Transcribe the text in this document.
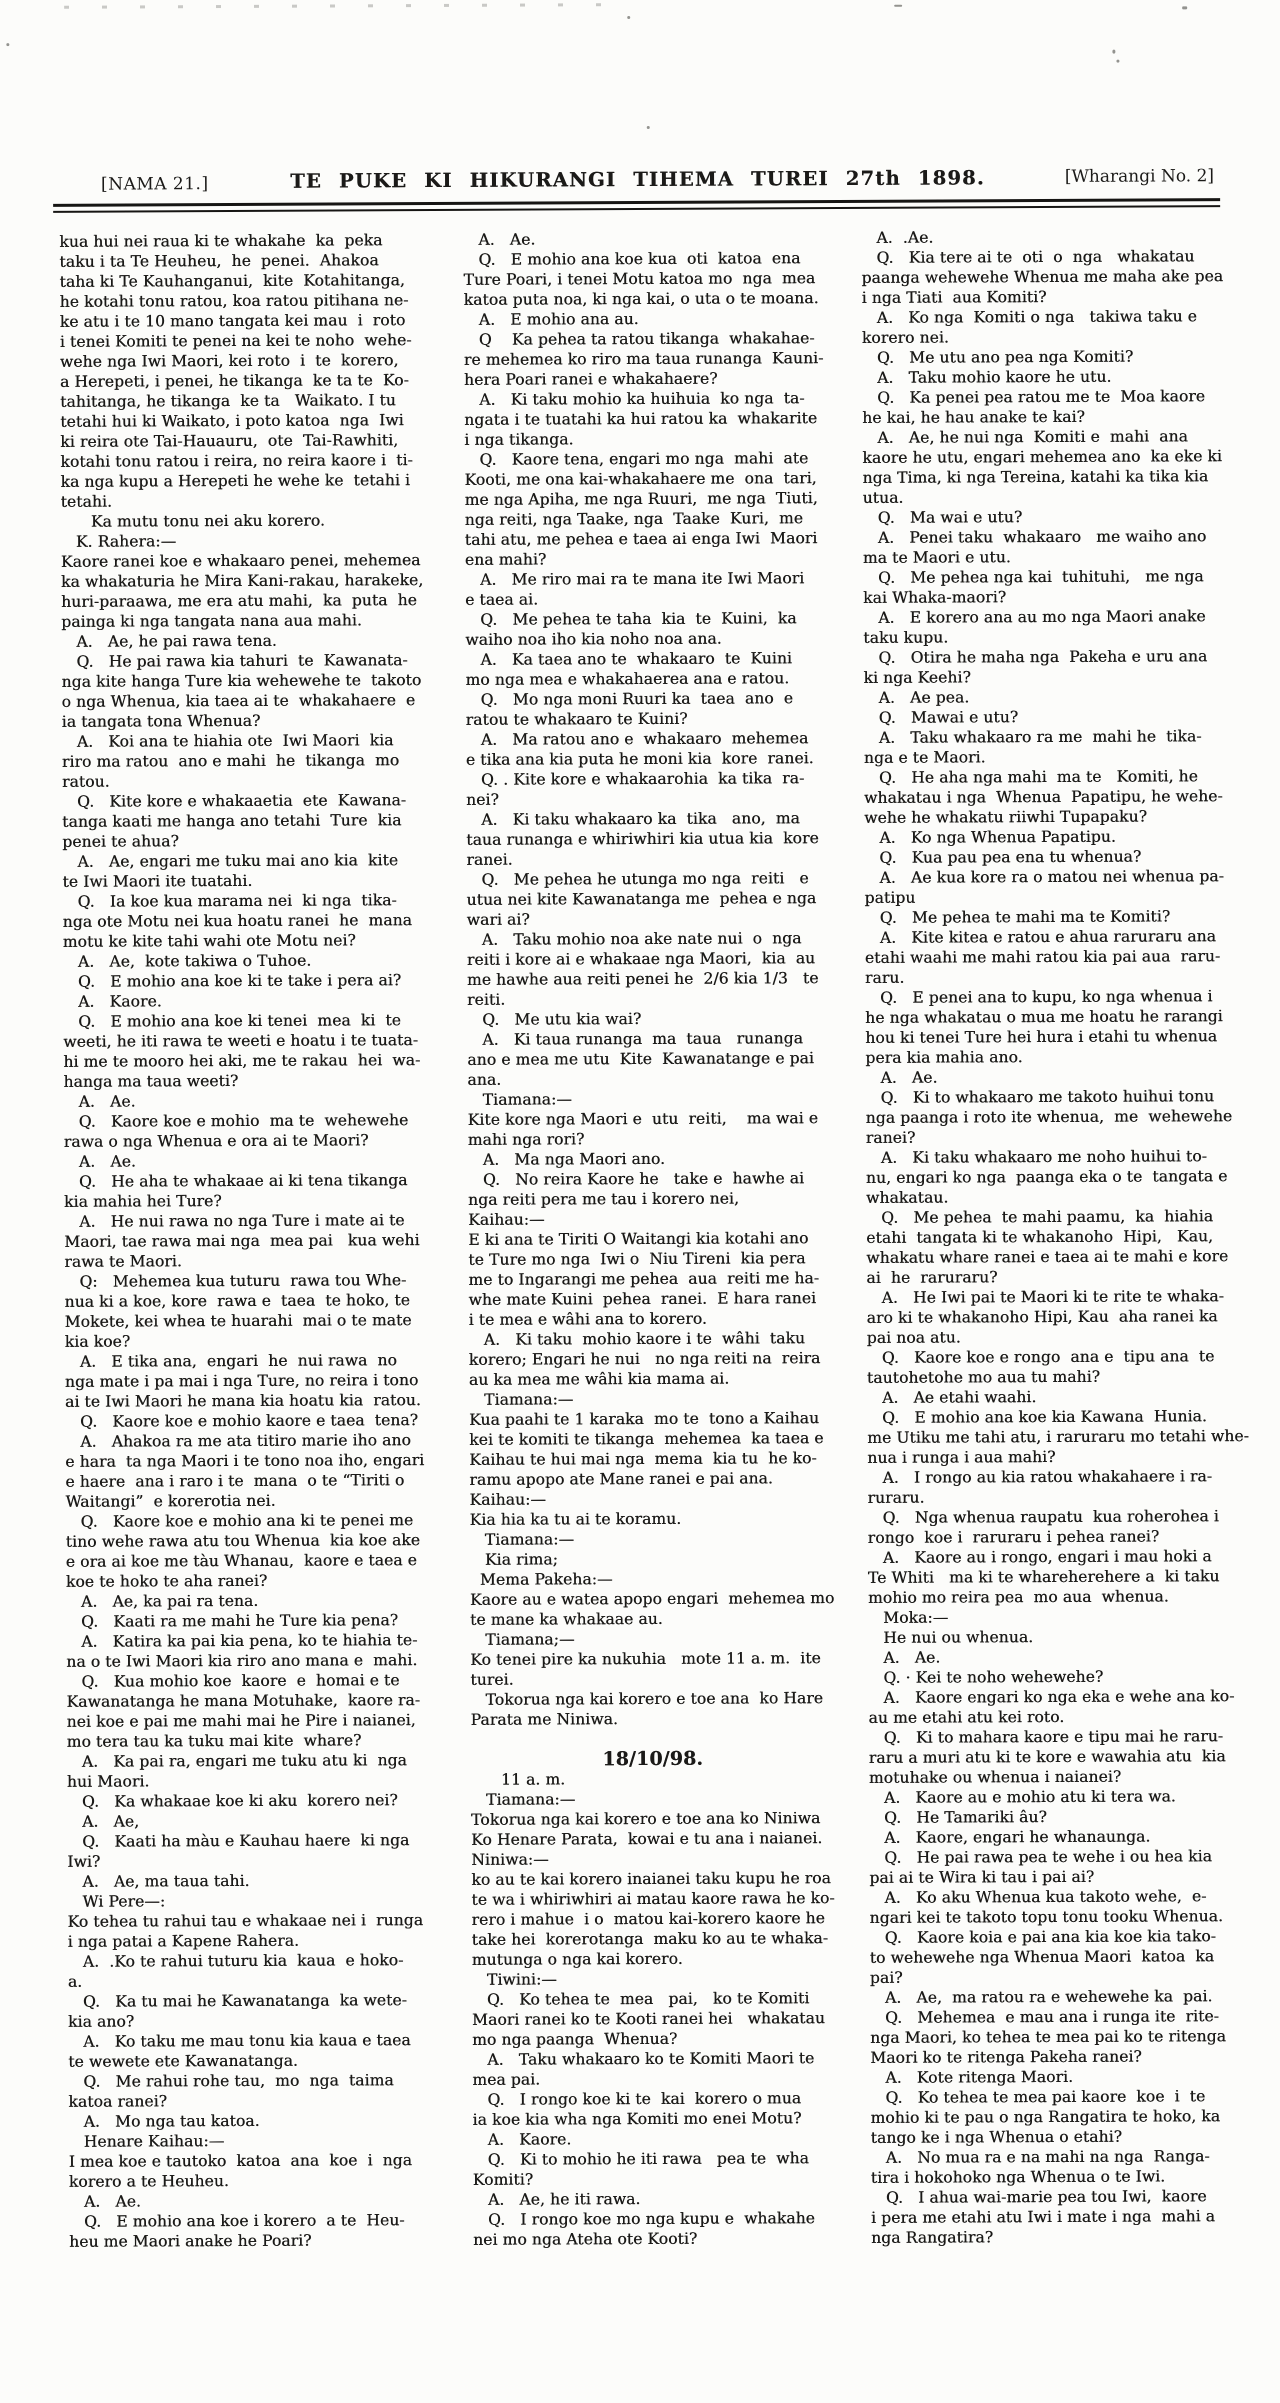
[NAMA 21.]	TE PUKE KI HIKURANGI TIHEMA TUREI 27th 1898.	[Wharangi No. 2]
kua hui nei raua ki te whakahe  ka  peka
taku i ta Te Heuheu,  he  penei.  Ahakoa
taha ki Te Kauhanganui,  kite  Kotahitanga,
he kotahi tonu ratou, koa ratou pitihana ne-
ke atu i te 10 mano tangata kei mau  i  roto
i tenei Komiti te penei na kei te noho  wehe-
wehe nga Iwi Maori, kei roto  i  te  korero,
a Herepeti, i penei, he tikanga  ke ta te  Ko-
tahitanga, he tikanga  ke ta   Waikato. I tu
tetahi hui ki Waikato, i poto katoa  nga  Iwi
ki reira ote Tai-Hauauru,  ote  Tai-Rawhiti,
kotahi tonu ratou i reira, no reira kaore i  ti-
ka nga kupu a Herepeti he wehe ke  tetahi i
tetahi.
Ka mutu tonu nei aku korero.
K. Rahera:—
Kaore ranei koe e whakaaro penei, mehemea
ka whakaturia he Mira Kani-rakau, harakeke,
huri-paraawa, me era atu mahi,  ka  puta  he
painga ki nga tangata nana aua mahi.
A.   Ae, he pai rawa tena.
Q.   He pai rawa kia tahuri  te  Kawanata-
nga kite hanga Ture kia wehewehe te  takoto
o nga Whenua, kia taea ai te  whakahaere  e
ia tangata tona Whenua?
A.   Koi ana te hiahia ote  Iwi Maori  kia
riro ma ratou  ano e mahi  he  tikanga  mo
ratou.
Q.   Kite kore e whakaaetia  ete  Kawana-
tanga kaati me hanga ano tetahi  Ture  kia
penei te ahua?
A.   Ae, engari me tuku mai ano kia  kite
te Iwi Maori ite tuatahi.
Q.   Ia koe kua marama nei  ki nga  tika-
nga ote Motu nei kua hoatu ranei  he  mana
motu ke kite tahi wahi ote Motu nei?
A.   Ae,  kote takiwa o Tuhoe.
Q.   E mohio ana koe ki te take i pera ai?
A.   Kaore.
Q.   E mohio ana koe ki tenei  mea  ki  te
weeti, he iti rawa te weeti e hoatu i te tuata-
hi me te mooro hei aki, me te rakau  hei  wa-
hanga ma taua weeti?
A.   Ae.
Q.   Kaore koe e mohio  ma te  wehewehe
rawa o nga Whenua e ora ai te Maori?
A.   Ae.
Q.   He aha te whakaae ai ki tena tikanga
kia mahia hei Ture?
A.   He nui rawa no nga Ture i mate ai te
Maori, tae rawa mai nga  mea pai   kua wehi
rawa te Maori.
Q:   Mehemea kua tuturu  rawa tou Whe-
nua ki a koe, kore  rawa e  taea  te hoko, te
Mokete, kei whea te huarahi  mai o te mate
kia koe?
A.   E tika ana,  engari  he  nui rawa  no
nga mate i pa mai i nga Ture, no reira i tono
ai te Iwi Maori he mana kia hoatu kia  ratou.
Q.   Kaore koe e mohio kaore e taea  tena?
A.   Ahakoa ra me ata titiro marie iho ano
e hara  ta nga Maori i te tono noa iho, engari
e haere  ana i raro i te  mana  o te “Tiriti o
Waitangi”  e korerotia nei.
Q.   Kaore koe e mohio ana ki te penei me
tino wehe rawa atu tou Whenua  kia koe ake
e ora ai koe me tàu Whanau,  kaore e taea e
koe te hoko te aha ranei?
A.   Ae, ka pai ra tena.
Q.   Kaati ra me mahi he Ture kia pena?
A.   Katira ka pai kia pena, ko te hiahia te-
na o te Iwi Maori kia riro ano mana e  mahi.
Q.   Kua mohio koe  kaore  e  homai e te
Kawanatanga he mana Motuhake,  kaore ra-
nei koe e pai me mahi mai he Pire i naianei,
mo tera tau ka tuku mai kite  whare?
A.   Ka pai ra, engari me tuku atu ki  nga
hui Maori.
Q.   Ka whakaae koe ki aku  korero nei?
A.   Ae,
Q.   Kaati ha màu e Kauhau haere  ki nga
Iwi?
A.   Ae, ma taua tahi.
Wi Pere—:
Ko tehea tu rahui tau e whakaae nei i  runga
i nga patai a Kapene Rahera.
A.  .Ko te rahui tuturu kia  kaua  e hoko-
a.
Q.   Ka tu mai he Kawanatanga  ka wete-
kia ano?
A.   Ko taku me mau tonu kia kaua e taea
te wewete ete Kawanatanga.
Q.   Me rahui rohe tau,  mo  nga  taima
katoa ranei?
A.   Mo nga tau katoa.
Henare Kaihau:—
I mea koe e tautoko  katoa  ana  koe  i  nga
korero a te Heuheu.
A.   Ae.
Q.   E mohio ana koe i korero  a te  Heu-
heu me Maori anake he Poari?
A.   Ae.
Q.   E mohio ana koe kua  oti  katoa  ena
Ture Poari, i tenei Motu katoa mo  nga  mea
katoa puta noa, ki nga kai, o uta o te moana.
A.   E mohio ana au.
Q    Ka pehea ta ratou tikanga  whakahae-
re mehemea ko riro ma taua runanga  Kauni-
hera Poari ranei e whakahaere?
A.   Ki taku mohio ka huihuia  ko nga  ta-
ngata i te tuatahi ka hui ratou ka  whakarite
i nga tikanga.
Q.   Kaore tena, engari mo nga  mahi  ate
Kooti, me ona kai-whakahaere me  ona  tari,
me nga Apiha, me nga Ruuri,  me nga  Tiuti,
nga reiti, nga Taake, nga  Taake  Kuri,  me
tahi atu, me pehea e taea ai enga Iwi  Maori
ena mahi?
A.   Me riro mai ra te mana ite Iwi Maori
e taea ai.
Q.   Me pehea te taha  kia  te  Kuini,  ka
waiho noa iho kia noho noa ana.
A.   Ka taea ano te  whakaaro  te  Kuini
mo nga mea e whakahaerea ana e ratou.
Q.   Mo nga moni Ruuri ka  taea  ano  e
ratou te whakaaro te Kuini?
A.   Ma ratou ano e  whakaaro  mehemea
e tika ana kia puta he moni kia  kore  ranei.
Q. . Kite kore e whakaarohia  ka tika  ra-
nei?
A.   Ki taku whakaaro ka  tika   ano,  ma
taua runanga e whiriwhiri kia utua kia  kore
ranei.
Q.   Me pehea he utunga mo nga  reiti   e
utua nei kite Kawanatanga me  pehea e nga
wari ai?
A.   Taku mohio noa ake nate nui  o  nga
reiti i kore ai e whakaae nga Maori,  kia  au
me hawhe aua reiti penei he  2/6 kia 1/3   te
reiti.
Q.   Me utu kia wai?
A.   Ki taua runanga  ma  taua   runanga
ano e mea me utu  Kite  Kawanatange e pai
ana.
Tiamana:—
Kite kore nga Maori e  utu  reiti,    ma wai e
mahi nga rori?
A.   Ma nga Maori ano.
Q.   No reira Kaore he   take e  hawhe ai
nga reiti pera me tau i korero nei,
Kaihau:—
E ki ana te Tiriti O Waitangi kia kotahi ano
te Ture mo nga  Iwi o  Niu Tireni  kia pera
me to Ingarangi me pehea  aua  reiti me ha-
whe mate Kuini  pehea  ranei.  E hara ranei
i te mea e wâhi ana to korero.
A.   Ki taku  mohio kaore i te  wâhi  taku
korero; Engari he nui   no nga reiti na  reira
au ka mea me wâhi kia mama ai.
Tiamana:—
Kua paahi te 1 karaka  mo te  tono a Kaihau
kei te komiti te tikanga  mehemea  ka taea e
Kaihau te hui mai nga  mema  kia tu  he ko-
ramu apopo ate Mane ranei e pai ana.
Kaihau:—
Kia hia ka tu ai te koramu.
Tiamana:—
Kia rima;
Mema Pakeha:—
Kaore au e watea apopo engari  mehemea mo
te mane ka whakaae au.
Tiamana;—
Ko tenei pire ka nukuhia   mote 11 a. m.  ite
turei.
Tokorua nga kai korero e toe ana  ko Hare
Parata me Niniwa.
18/10/98.
11 a. m.
Tiamana:—
Tokorua nga kai korero e toe ana ko Niniwa
Ko Henare Parata,  kowai e tu ana i naianei.
Niniwa:—
ko au te kai korero inaianei taku kupu he roa
te wa i whiriwhiri ai matau kaore rawa he ko-
rero i mahue  i o  matou kai-korero kaore he
take hei  korerotanga  maku ko au te whaka-
mutunga o nga kai korero.
Tiwini:—
Q.   Ko tehea te  mea   pai,   ko te Komiti
Maori ranei ko te Kooti ranei hei   whakatau
mo nga paanga  Whenua?
A.   Taku whakaaro ko te Komiti Maori te
mea pai.
Q.   I rongo koe ki te  kai  korero o mua
ia koe kia wha nga Komiti mo enei Motu?
A.   Kaore.
Q.   Ki to mohio he iti rawa   pea te  wha
Komiti?
A.   Ae, he iti rawa.
Q.   I rongo koe mo nga kupu e  whakahe
nei mo nga Ateha ote Kooti?
A.  .Ae.
Q.   Kia tere ai te  oti  o  nga   whakatau
paanga wehewehe Whenua me maha ake pea
i nga Tiati  aua Komiti?
A.   Ko nga  Komiti o nga   takiwa taku e
korero nei.
Q.   Me utu ano pea nga Komiti?
A.   Taku mohio kaore he utu.
Q.   Ka penei pea ratou me te  Moa kaore
he kai, he hau anake te kai?
A.   Ae, he nui nga  Komiti e  mahi  ana
kaore he utu, engari mehemea ano  ka eke ki
nga Tima, ki nga Tereina, katahi ka tika kia
utua.
Q.   Ma wai e utu?
A.   Penei taku  whakaaro   me waiho ano
ma te Maori e utu.
Q.   Me pehea nga kai  tuhituhi,   me nga
kai Whaka-maori?
A.   E korero ana au mo nga Maori anake
taku kupu.
Q.   Otira he maha nga  Pakeha e uru ana
ki nga Keehi?
A.   Ae pea.
Q.   Mawai e utu?
A.   Taku whakaaro ra me  mahi he  tika-
nga e te Maori.
Q.   He aha nga mahi  ma te   Komiti, he
whakatau i nga  Whenua  Papatipu, he wehe-
wehe he whakatu riiwhi Tupapaku?
A.   Ko nga Whenua Papatipu.
Q.   Kua pau pea ena tu whenua?
A.   Ae kua kore ra o matou nei whenua pa-
patipu
Q.   Me pehea te mahi ma te Komiti?
A.   Kite kitea e ratou e ahua raruraru ana
etahi waahi me mahi ratou kia pai aua  raru-
raru.
Q.   E penei ana to kupu, ko nga whenua i
he nga whakatau o mua me hoatu he rarangi
hou ki tenei Ture hei hura i etahi tu whenua
pera kia mahia ano.
A.   Ae.
Q.   Ki to whakaaro me takoto huihui tonu
nga paanga i roto ite whenua,  me  wehewehe
ranei?
A.   Ki taku whakaaro me noho huihui to-
nu, engari ko nga  paanga eka o te  tangata e
whakatau.
Q.   Me pehea  te mahi paamu,  ka  hiahia
etahi  tangata ki te whakanoho  Hipi,   Kau,
whakatu whare ranei e taea ai te mahi e kore
ai  he  raruraru?
A.   He Iwi pai te Maori ki te rite te whaka-
aro ki te whakanoho Hipi, Kau  aha ranei ka
pai noa atu.
Q.   Kaore koe e rongo  ana e  tipu ana  te
tautohetohe mo aua tu mahi?
A.   Ae etahi waahi.
Q.   E mohio ana koe kia Kawana  Hunia.
me Utiku me tahi atu, i raruraru mo tetahi whe-
nua i runga i aua mahi?
A.   I rongo au kia ratou whakahaere i ra-
ruraru.
Q.   Nga whenua raupatu  kua roherohea i
rongo  koe i  raruraru i pehea ranei?
A.   Kaore au i rongo, engari i mau hoki a
Te Whiti   ma ki te whareherehere a  ki taku
mohio mo reira pea  mo aua  whenua.
Moka:—
He nui ou whenua.
A.   Ae.
Q. · Kei te noho wehewehe?
A.   Kaore engari ko nga eka e wehe ana ko-
au me etahi atu kei roto.
Q.   Ki to mahara kaore e tipu mai he raru-
raru a muri atu ki te kore e wawahia atu  kia
motuhake ou whenua i naianei?
A.   Kaore au e mohio atu ki tera wa.
Q.   He Tamariki âu?
A.   Kaore, engari he whanaunga.
Q.   He pai rawa pea te wehe i ou hea kia
pai ai te Wira ki tau i pai ai?
A.   Ko aku Whenua kua takoto wehe,  e-
ngari kei te takoto topu tonu tooku Whenua.
Q.   Kaore koia e pai ana kia koe kia tako-
to wehewehe nga Whenua Maori  katoa  ka
pai?
A.   Ae,  ma ratou ra e wehewehe ka  pai.
Q.   Mehemea  e mau ana i runga ite  rite-
nga Maori, ko tehea te mea pai ko te ritenga
Maori ko te ritenga Pakeha ranei?
A.   Kote ritenga Maori.
Q.   Ko tehea te mea pai kaore  koe  i  te
mohio ki te pau o nga Rangatira te hoko, ka
tango ke i nga Whenua o etahi?
A.   No mua ra e na mahi na nga  Ranga-
tira i hokohoko nga Whenua o te Iwi.
Q.   I ahua wai-marie pea tou Iwi,  kaore
i pera me etahi atu Iwi i mate i nga  mahi a
nga Rangatira?
